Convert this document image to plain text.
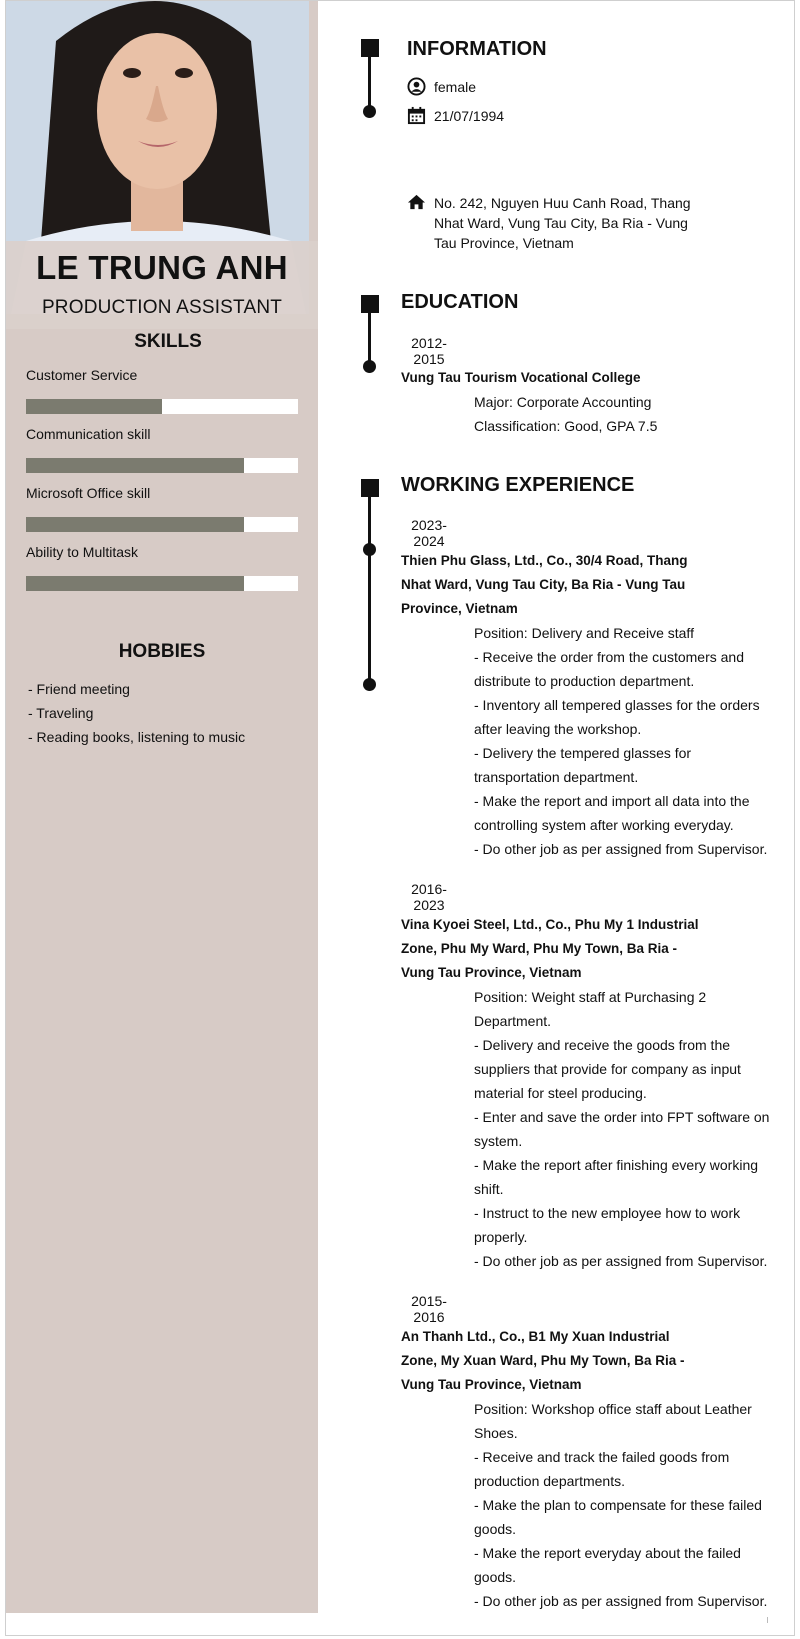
LE TRUNG ANH
PRODUCTION ASSISTANT
SKILLS
Customer Service
Communication skill
Microsoft Office skill
Ability to Multitask
HOBBIES
- Friend meeting
- Traveling
- Reading books, listening to music
INFORMATION
female
21/07/1994
No. 242, Nguyen Huu Canh Road, Thang Nhat Ward, Vung Tau City, Ba Ria - Vung Tau Province, Vietnam
EDUCATION
2012-
2015
Vung Tau Tourism Vocational College
Major: Corporate Accounting
Classification: Good, GPA 7.5
WORKING EXPERIENCE
2023-
2024
Thien Phu Glass, Ltd., Co., 30/4 Road, Thang
Nhat Ward, Vung Tau City, Ba Ria - Vung Tau
Province, Vietnam
Position: Delivery and Receive staff
- Receive the order from the customers and
distribute to production department.
- Inventory all tempered glasses for the orders
after leaving the workshop.
- Delivery the tempered glasses for
transportation department.
- Make the report and import all data into the
controlling system after working everyday.
- Do other job as per assigned from Supervisor.
2016-
2023
Vina Kyoei Steel, Ltd., Co., Phu My 1 Industrial
Zone, Phu My Ward, Phu My Town, Ba Ria -
Vung Tau Province, Vietnam
Position: Weight staff at Purchasing 2
Department.
- Delivery and receive the goods from the
suppliers that provide for company as input
material for steel producing.
- Enter and save the order into FPT software on
system.
- Make the report after finishing every working
shift.
- Instruct to the new employee how to work
properly.
- Do other job as per assigned from Supervisor.
2015-
2016
An Thanh Ltd., Co., B1 My Xuan Industrial
Zone, My Xuan Ward, Phu My Town, Ba Ria -
Vung Tau Province, Vietnam
Position: Workshop office staff about Leather
Shoes.
- Receive and track the failed goods from
production departments.
- Make the plan to compensate for these failed
goods.
- Make the report everyday about the failed
goods.
- Do other job as per assigned from Supervisor.
